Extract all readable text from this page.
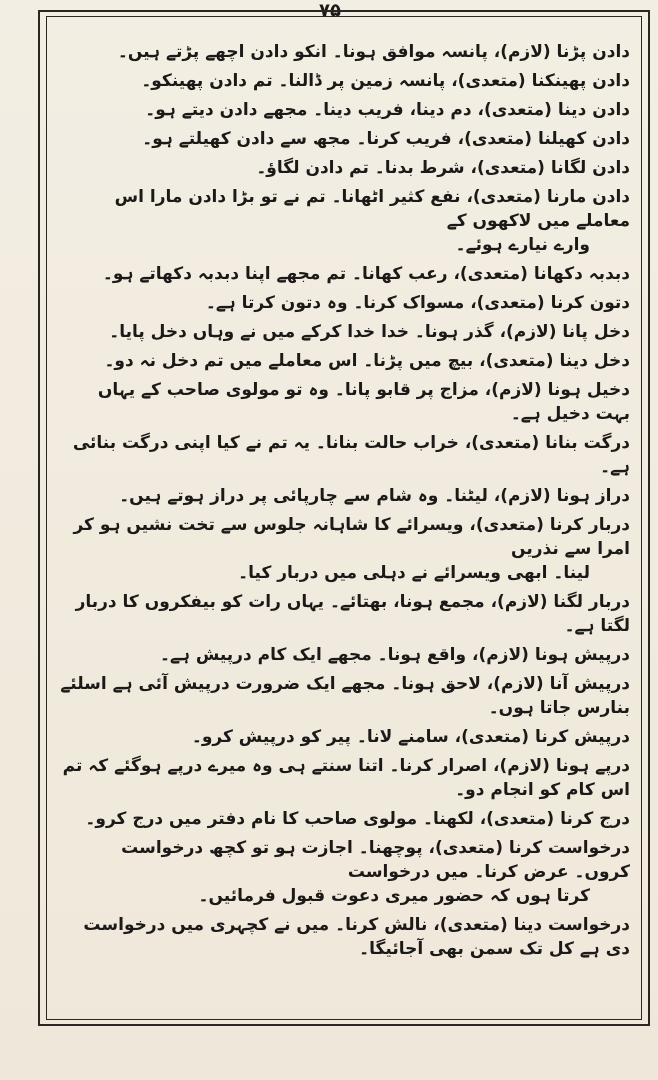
۷۵

دادن پڑنا (لازم)، پانسہ موافق ہونا۔ انکو دادن اچھے پڑتے ہیں۔

دادن پھینکنا (متعدی)، پانسہ زمین پر ڈالنا۔ تم دادن پھینکو۔

دادن دینا (متعدی)، دم دینا، فریب دینا۔ مجھے دادن دیتے ہو۔

دادن کھیلنا (متعدی)، فریب کرنا۔ مجھ سے دادن کھیلتے ہو۔

دادن لگانا (متعدی)، شرط بدنا۔ تم دادن لگاؤ۔

دادن مارنا (متعدی)، نفع کثیر اٹھانا۔ تم نے تو بڑا دادن مارا اس معاملے میں لاکھوں کے
وارے نیارے ہوئے۔

دبدبہ دکھانا (متعدی)، رعب کھانا۔ تم مجھے اپنا دبدبہ دکھاتے ہو۔

دتون کرنا (متعدی)، مسواک کرنا۔ وہ دتون کرتا ہے۔

دخل پانا (لازم)، گذر ہونا۔ خدا خدا کرکے میں نے وہاں دخل پایا۔

دخل دینا (متعدی)، بیچ میں پڑنا۔ اس معاملے میں تم دخل نہ دو۔

دخیل ہونا (لازم)، مزاج پر قابو پانا۔ وہ تو مولوی صاحب کے یہاں بہت دخیل ہے۔

درگت بنانا (متعدی)، خراب حالت بنانا۔ یہ تم نے کیا اپنی درگت بنائی ہے۔

دراز ہونا (لازم)، لیٹنا۔ وہ شام سے چارپائی پر دراز ہوتے ہیں۔

دربار کرنا (متعدی)، ویسرائے کا شاہانہ جلوس سے تخت نشیں ہو کر امرا سے نذریں
لینا۔ ابھی ویسرائے نے دہلی میں دربار کیا۔

دربار لگنا (لازم)، مجمع ہونا، بھتائے۔ یہاں رات کو بیفکروں کا دربار لگتا ہے۔

درپیش ہونا (لازم)، واقع ہونا۔ مجھے ایک کام درپیش ہے۔

درپیش آنا (لازم)، لاحق ہونا۔ مجھے ایک ضرورت درپیش آئی ہے اسلئے بنارس جاتا ہوں۔

درپیش کرنا (متعدی)، سامنے لانا۔ پیر کو درپیش کرو۔

درپے ہونا (لازم)، اصرار کرنا۔ اتنا سنتے ہی وہ میرے درپے ہوگئے کہ تم اس کام کو انجام دو۔

درج کرنا (متعدی)، لکھنا۔ مولوی صاحب کا نام دفتر میں درج کرو۔

درخواست کرنا (متعدی)، پوچھنا۔ اجازت ہو تو کچھ درخواست کروں۔ عرض کرنا۔ میں درخواست
کرتا ہوں کہ حضور میری دعوت قبول فرمائیں۔

درخواست دینا (متعدی)، نالش کرنا۔ میں نے کچہری میں درخواست دی ہے کل تک سمن بھی آجائیگا۔
